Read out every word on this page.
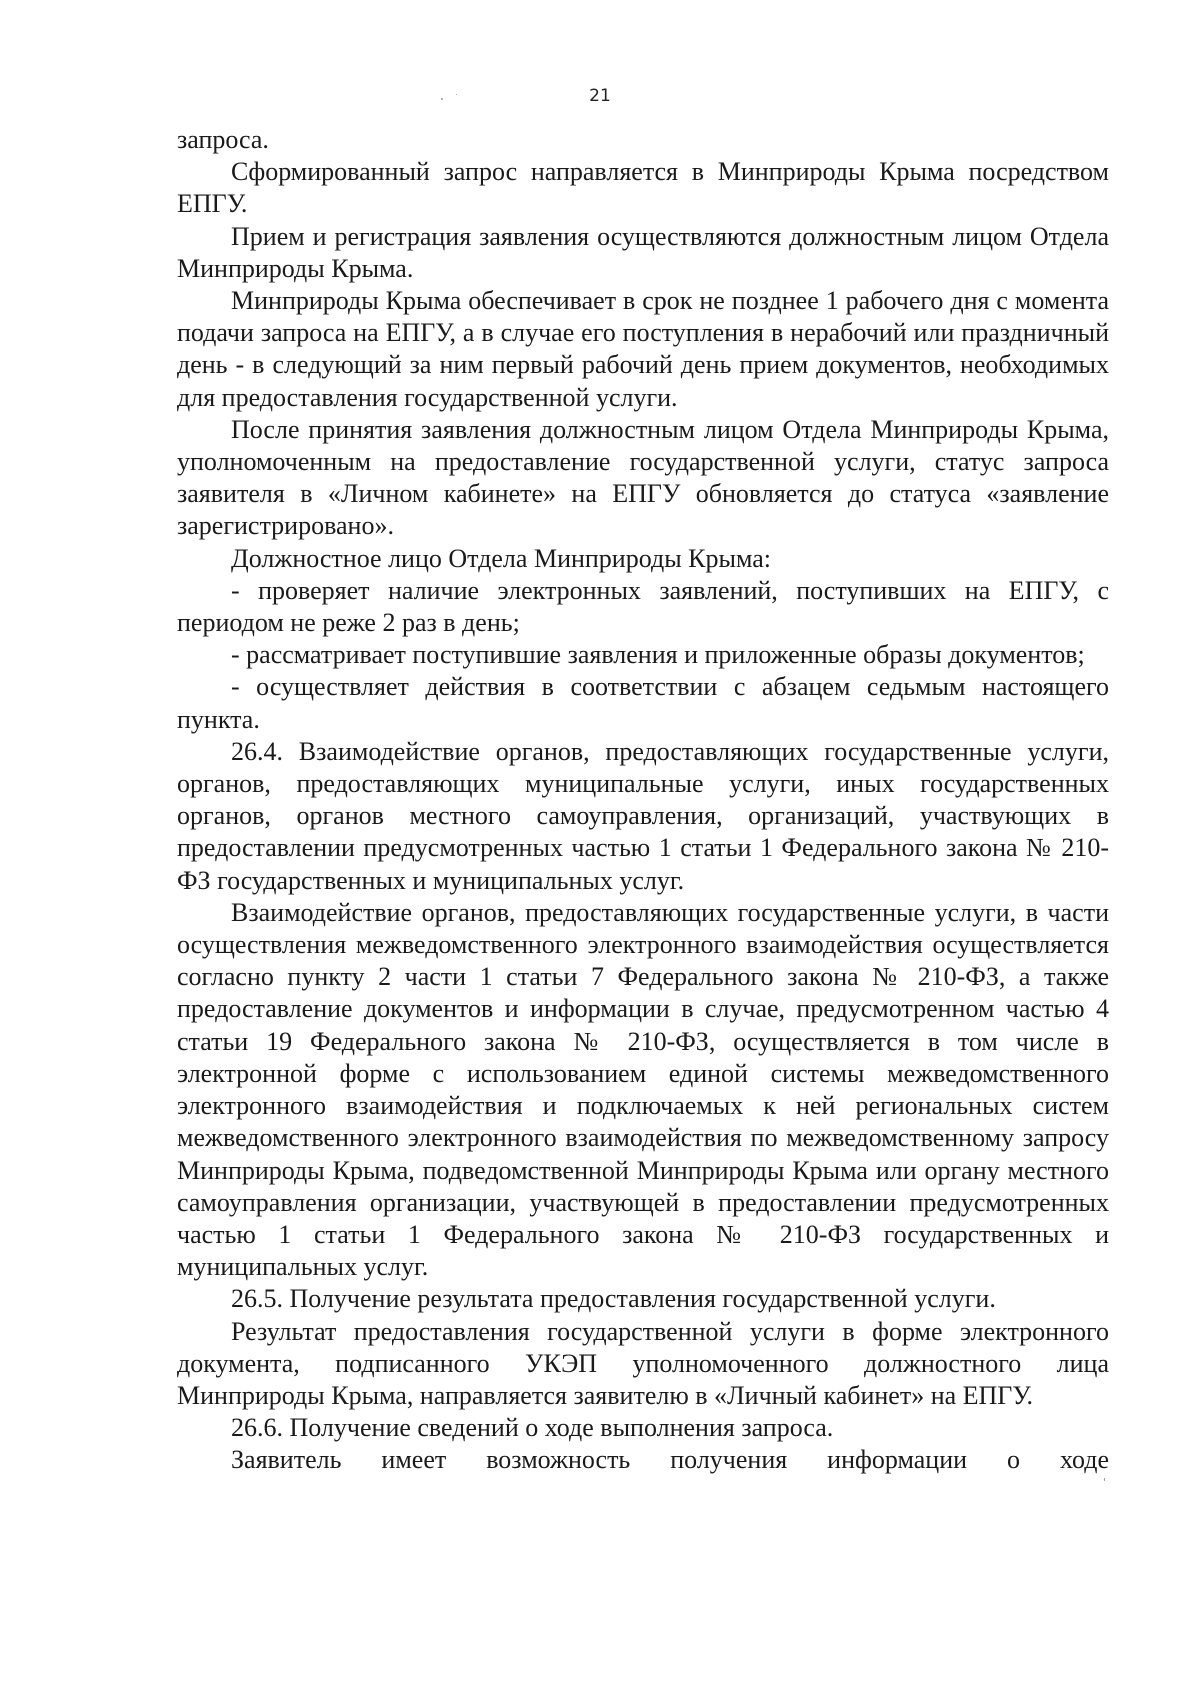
21

запроса.

Сформированный запрос направляется в Минприроды Крыма посредством ЕПГУ.

Прием и регистрация заявления осуществляются должностным лицом Отдела Минприроды Крыма.

Минприроды Крыма обеспечивает в срок не позднее 1 рабочего дня с момента подачи запроса на ЕПГУ, а в случае его поступления в нерабочий или праздничный день - в следующий за ним первый рабочий день прием документов, необходимых для предоставления государственной услуги.

После принятия заявления должностным лицом Отдела Минприроды Крыма, уполномоченным на предоставление государственной услуги, статус запроса заявителя в «Личном кабинете» на ЕПГУ обновляется до статуса «заявление зарегистрировано».

Должностное лицо Отдела Минприроды Крыма:

- проверяет наличие электронных заявлений, поступивших на ЕПГУ, с периодом не реже 2 раз в день;

- рассматривает поступившие заявления и приложенные образы документов;

- осуществляет действия в соответствии с абзацем седьмым настоящего пункта.

26.4. Взаимодействие органов, предоставляющих государственные услуги, органов, предоставляющих муниципальные услуги, иных государственных органов, органов местного самоуправления, организаций, участвующих в предоставлении предусмотренных частью 1 статьи 1 Федерального закона № 210-ФЗ государственных и муниципальных услуг.

Взаимодействие органов, предоставляющих государственные услуги, в части осуществления межведомственного электронного взаимодействия осуществляется согласно пункту 2 части 1 статьи 7 Федерального закона № 210-ФЗ, а также предоставление документов и информации в случае, предусмотренном частью 4 статьи 19 Федерального закона № 210-ФЗ, осуществляется в том числе в электронной форме с использованием единой системы межведомственного электронного взаимодействия и подключаемых к ней региональных систем межведомственного электронного взаимодействия по межведомственному запросу Минприроды Крыма, подведомственной Минприроды Крыма или органу местного самоуправления организации, участвующей в предоставлении предусмотренных частью 1 статьи 1 Федерального закона № 210-ФЗ государственных и муниципальных услуг.

26.5. Получение результата предоставления государственной услуги.

Результат предоставления государственной услуги в форме электронного документа, подписанного УКЭП уполномоченного должностного лица Минприроды Крыма, направляется заявителю в «Личный кабинет» на ЕПГУ.

26.6. Получение сведений о ходе выполнения запроса.

Заявитель имеет возможность получения информации о ходе
